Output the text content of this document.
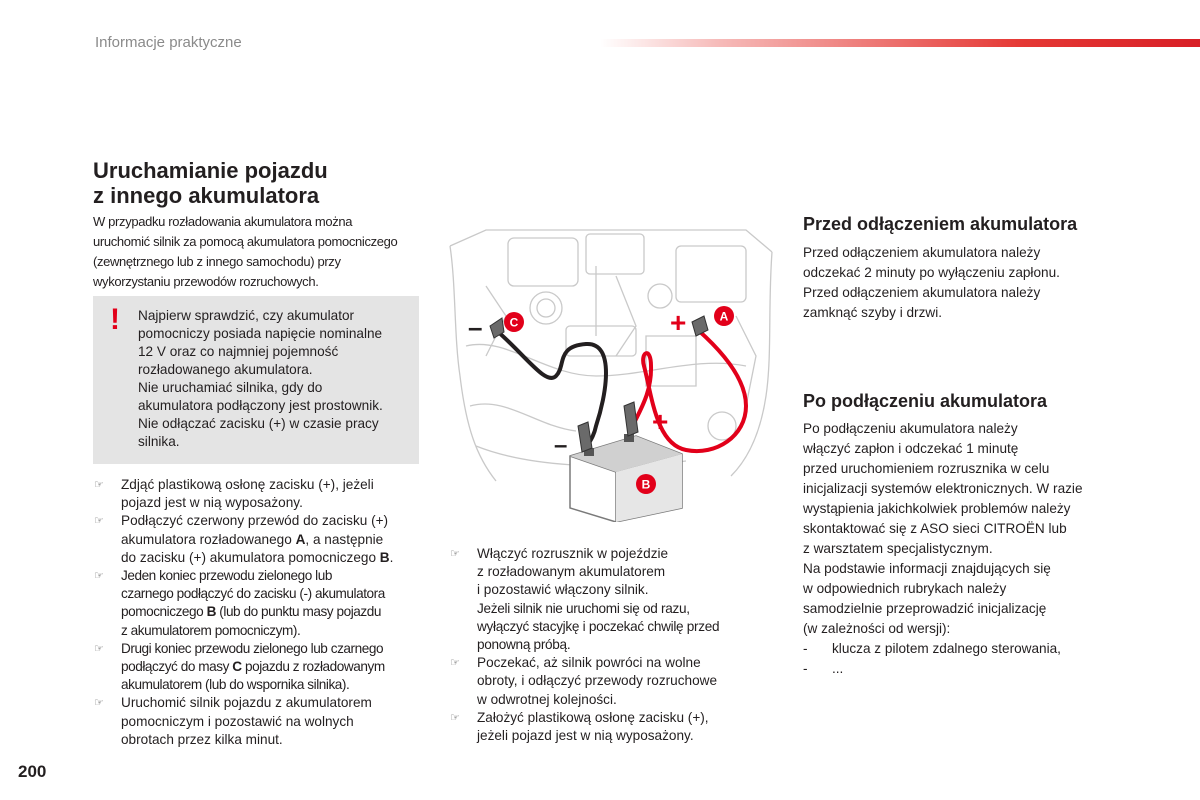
Informacje praktyczne
Uruchamianie pojazdu
z innego akumulatora
W przypadku rozładowania akumulatora można
uruchomić silnik za pomocą akumulatora pomocniczego
(zewnętrznego lub z innego samochodu) przy
wykorzystaniu przewodów rozruchowych.
! Najpierw sprawdzić, czy akumulator
pomocniczy posiada napięcie nominalne
12 V oraz co najmniej pojemność
rozładowanego akumulatora.
Nie uruchamiać silnika, gdy do
akumulatora podłączony jest prostownik.
Nie odłączać zacisku (+) w czasie pracy
silnika.
☞ Zdjąć plastikową osłonę zacisku (+), jeżeli
pojazd jest w nią wyposażony.
☞ Podłączyć czerwony przewód do zacisku (+)
akumulatora rozładowanego A, a następnie
do zacisku (+) akumulatora pomocniczego B.
☞ Jeden koniec przewodu zielonego lub
czarnego podłączyć do zacisku (-) akumulatora
pomocniczego B (lub do punktu masy pojazdu
z akumulatorem pomocniczym).
☞ Drugi koniec przewodu zielonego lub czarnego
podłączyć do masy C pojazdu z rozładowanym
akumulatorem (lub do wspornika silnika).
☞ Uruchomić silnik pojazdu z akumulatorem
pomocniczym i pozostawić na wolnych
obrotach przez kilka minut.
–	+
+
–
C	A
B
☞ Włączyć rozrusznik w pojeździe
z rozładowanym akumulatorem
i pozostawić włączony silnik.
Jeżeli silnik nie uruchomi się od razu,
wyłączyć stacyjkę i poczekać chwilę przed
ponowną próbą.
☞ Poczekać, aż silnik powróci na wolne
obroty, i odłączyć przewody rozruchowe
w odwrotnej kolejności.
☞ Założyć plastikową osłonę zacisku (+),
jeżeli pojazd jest w nią wyposażony.
Przed odłączeniem akumulatora
Przed odłączeniem akumulatora należy
odczekać 2 minuty po wyłączeniu zapłonu.
Przed odłączeniem akumulatora należy
zamknąć szyby i drzwi.
Po podłączeniu akumulatora
Po podłączeniu akumulatora należy
włączyć zapłon i odczekać 1 minutę
przed uruchomieniem rozrusznika w celu
inicjalizacji systemów elektronicznych. W razie
wystąpienia jakichkolwiek problemów należy
skontaktować się z ASO sieci CITROËN lub
z warsztatem specjalistycznym.
Na podstawie informacji znajdujących się
w odpowiednich rubrykach należy
samodzielnie przeprowadzić inicjalizację
(w zależności od wersji):
-	klucza z pilotem zdalnego sterowania,
-	...
200
